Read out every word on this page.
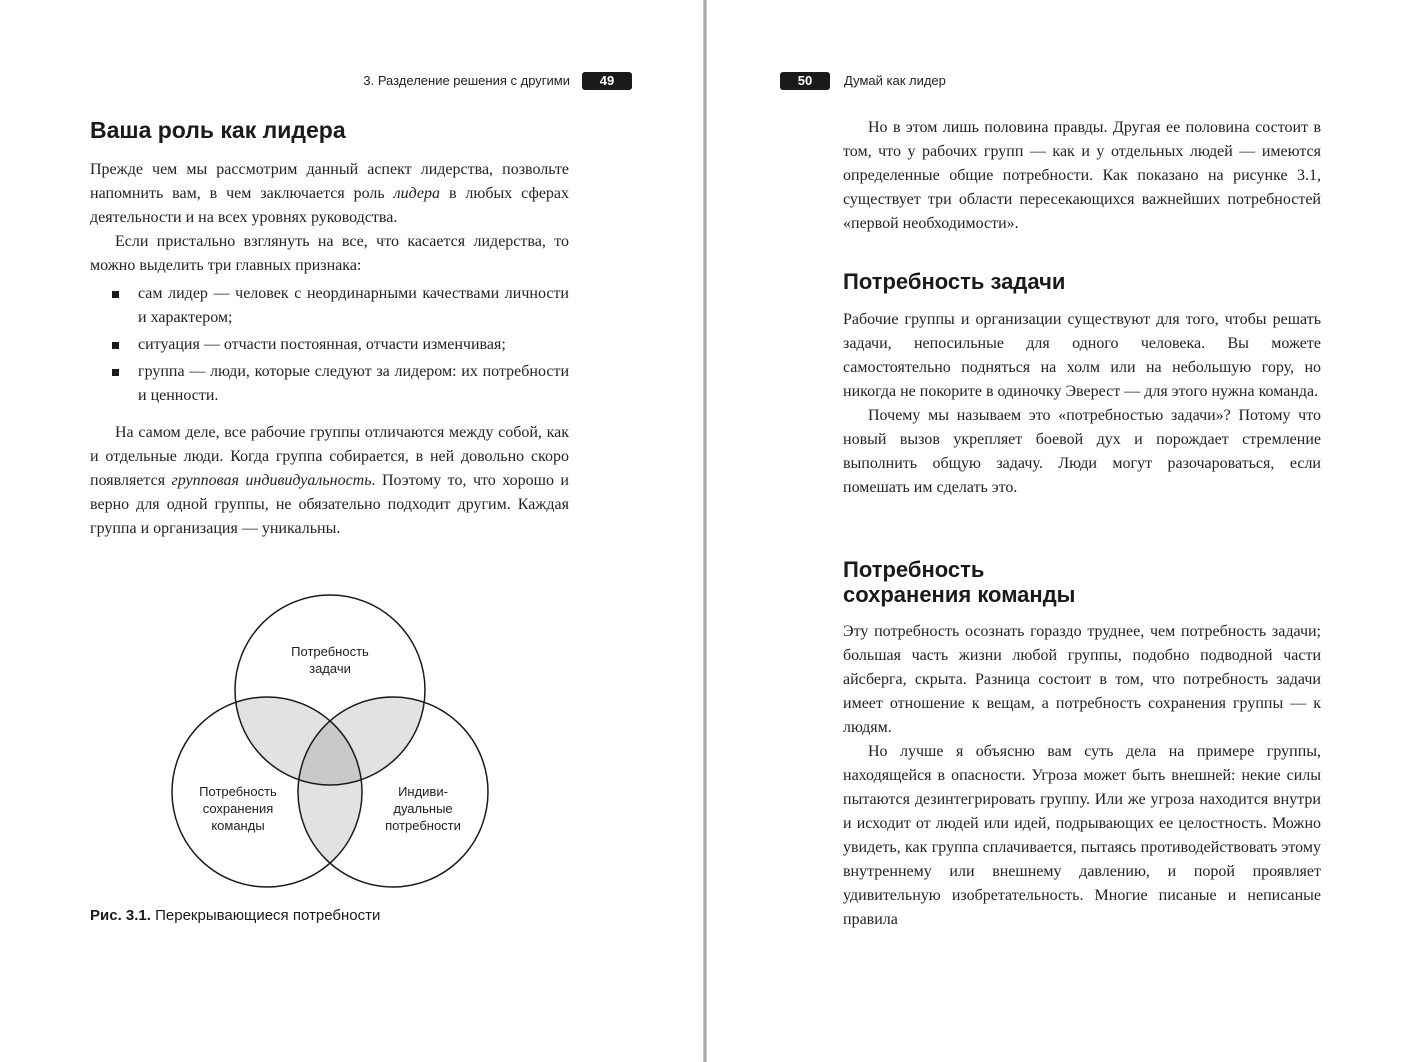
3. Разделение решения с другими	49
Ваша роль как лидера

Прежде чем мы рассмотрим данный аспект лидерства, позвольте напомнить вам, в чем заключается роль лидера в любых сферах деятельности и на всех уровнях руководства.

Если пристально взглянуть на все, что касается лидерства, то можно выделить три главных признака:

сам лидер — человек с неординарными качествами личности и характером;
ситуация — отчасти постоянная, отчасти изменчивая;
группа — люди, которые следуют за лидером: их потребности и ценности.

На самом деле, все рабочие группы отличаются между собой, как и отдельные люди. Когда группа собирается, в ней довольно скоро появляется групповая индивидуальность. Поэтому то, что хорошо и верно для одной группы, не обязательно подходит другим. Каждая группа и организация — уникальны.

Потребность
задачи
Потребность
сохранения
команды
Индиви-
дуальные
потребности
Рис. 3.1. Перекрывающиеся потребности
50	Думай как лидер

Но в этом лишь половина правды. Другая ее половина состоит в том, что у рабочих групп — как и у отдельных людей — имеются определенные общие потребности. Как показано на рисунке 3.1, существует три области пересекающихся важнейших потребностей «первой необходимости».

Потребность задачи

Рабочие группы и организации существуют для того, чтобы решать задачи, непосильные для одного человека. Вы можете самостоятельно подняться на холм или на небольшую гору, но никогда не покорите в одиночку Эверест — для этого нужна команда.

Почему мы называем это «потребностью задачи»? Потому что новый вызов укрепляет боевой дух и порождает стремление выполнить общую задачу. Люди могут разочароваться, если помешать им сделать это.

Потребность
сохранения команды

Эту потребность осознать гораздо труднее, чем потребность задачи; большая часть жизни любой группы, подобно подводной части айсберга, скрыта. Разница состоит в том, что потребность задачи имеет отношение к вещам, а потребность сохранения группы — к людям.

Но лучше я объясню вам суть дела на примере группы, находящейся в опасности. Угроза может быть внешней: некие силы пытаются дезинтегрировать группу. Или же угроза находится внутри и исходит от людей или идей, подрывающих ее целостность. Можно увидеть, как группа сплачивается, пытаясь противодействовать этому внутреннему или внешнему давлению, и порой проявляет удивительную изобретательность. Многие писаные и неписаные правила
